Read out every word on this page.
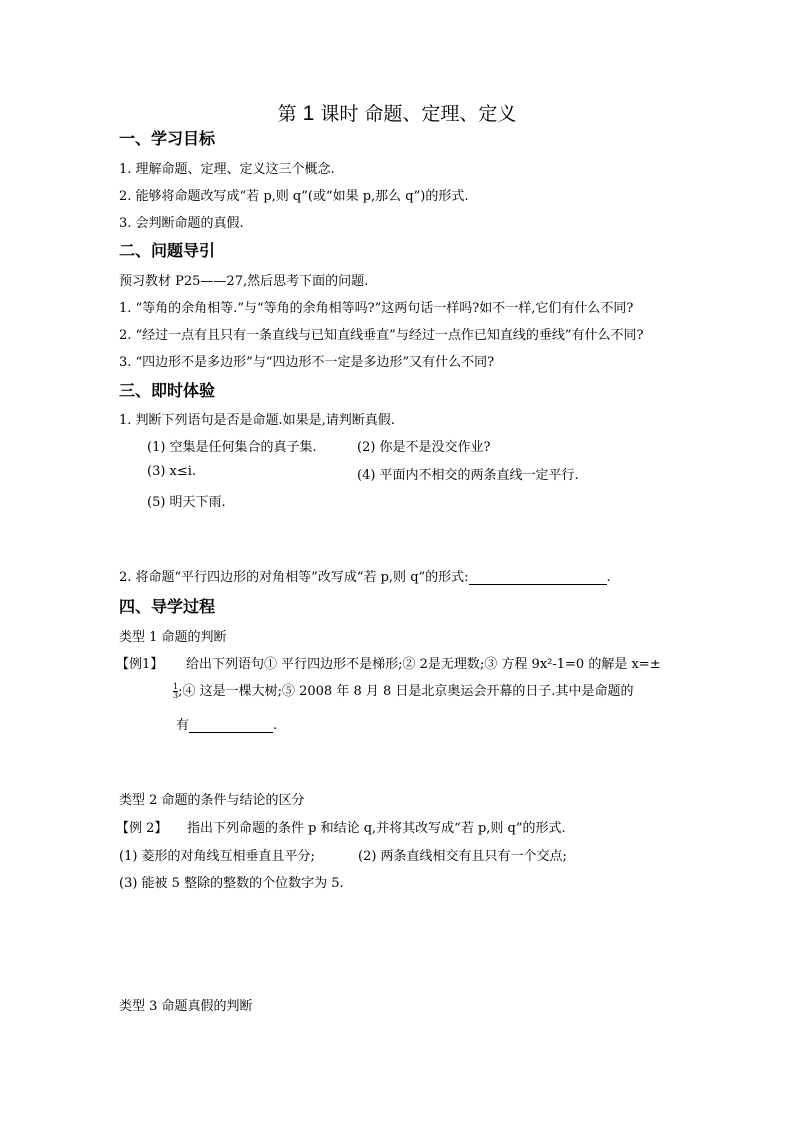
第 1 课时 命题、定理、定义
一、学习目标
1. 理解命题、定理、定义这三个概念.
2. 能够将命题改写成“若 p,则 q”(或“如果 p,那么 q”)的形式.
3. 会判断命题的真假.
二、问题导引
预习教材 P25——27,然后思考下面的问题.
1. “等角的余角相等.”与“等角的余角相等吗?”这两句话一样吗?如不一样,它们有什么不同?
2. “经过一点有且只有一条直线与已知直线垂直”与经过一点作已知直线的垂线”有什么不同?
3. “四边形不是多边形”与“四边形不一定是多边形”又有什么不同?
三、即时体验
1. 判断下列语句是否是命题.如果是,请判断真假.
(1) 空集是任何集合的真子集.	(2) 你是不是没交作业?
(3) x≤i.	(4) 平面内不相交的两条直线一定平行.
(5) 明天下雨.
2. 将命题“平行四边形的对角相等”改写成“若 p,则 q”的形式:	.
四、导学过程
类型 1 命题的判断
【例1】 给出下列语句① 平行四边形不是梯形;② 2是无理数;③ 方程 9x²-1=0 的解是 x=±
$\frac{1}{3}$ ;④ 这是一棵大树;⑤ 2008 年 8 月 8 日是北京奥运会开幕的日子.其中是命题的
有	.
类型 2 命题的条件与结论的区分
【例 2】 指出下列命题的条件 p 和结论 q,并将其改写成“若 p,则 q”的形式.
(1) 菱形的对角线互相垂直且平分;	(2) 两条直线相交有且只有一个交点;
(3) 能被 5 整除的整数的个位数字为 5.
类型 3 命题真假的判断
